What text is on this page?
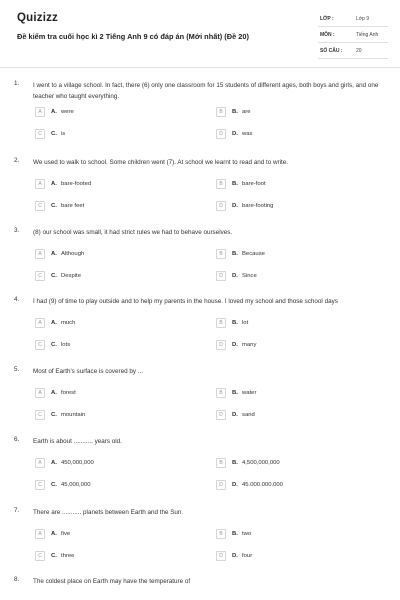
Quizizz
Đề kiểm tra cuối học kì 2 Tiếng Anh 9 có đáp án (Mới nhất) (Đề 20)
LỚP :	Lớp 9
MÔN :	Tiếng Anh
SỐ CÂU :	20
1. I went to a village school. In fact, there (6) only one classroom for 15 students of different ages, both boys and girls, and one teacher who taught everything.
A	A. were	B	B. are
C	C. is	D	D. was
2. We used to walk to school. Some children went (7). At school we learnt to read and to write.
A	A. bare-footed	B	B. bare-foot
C	C. bare feet	D	D. bare-footing
3. (8) our school was small, it had strict rules we had to behave ourselves.
A	A. Although	B	B. Because
C	C. Despite	D	D. Since
4. I had (9) of time to play outside and to help my parents in the house. I loved my school and those school days
A	A. much	B	B. lot
C	C. lots	D	D. many
5. Most of Earth's surface is covered by ...
A	A. forest	B	B. water
C	C. mountain	D	D. sand
6. Earth is about ........... years old.
A	A. 450,000,000	B	B. 4,500,000,000
C	C. 45,000,000	D	D. 45.000.000.000
7. There are ........... planets between Earth and the Sun.
A	A. five	B	B. two
C	C. three	D	D. four
8. The coldest place on Earth may have the temperature of
